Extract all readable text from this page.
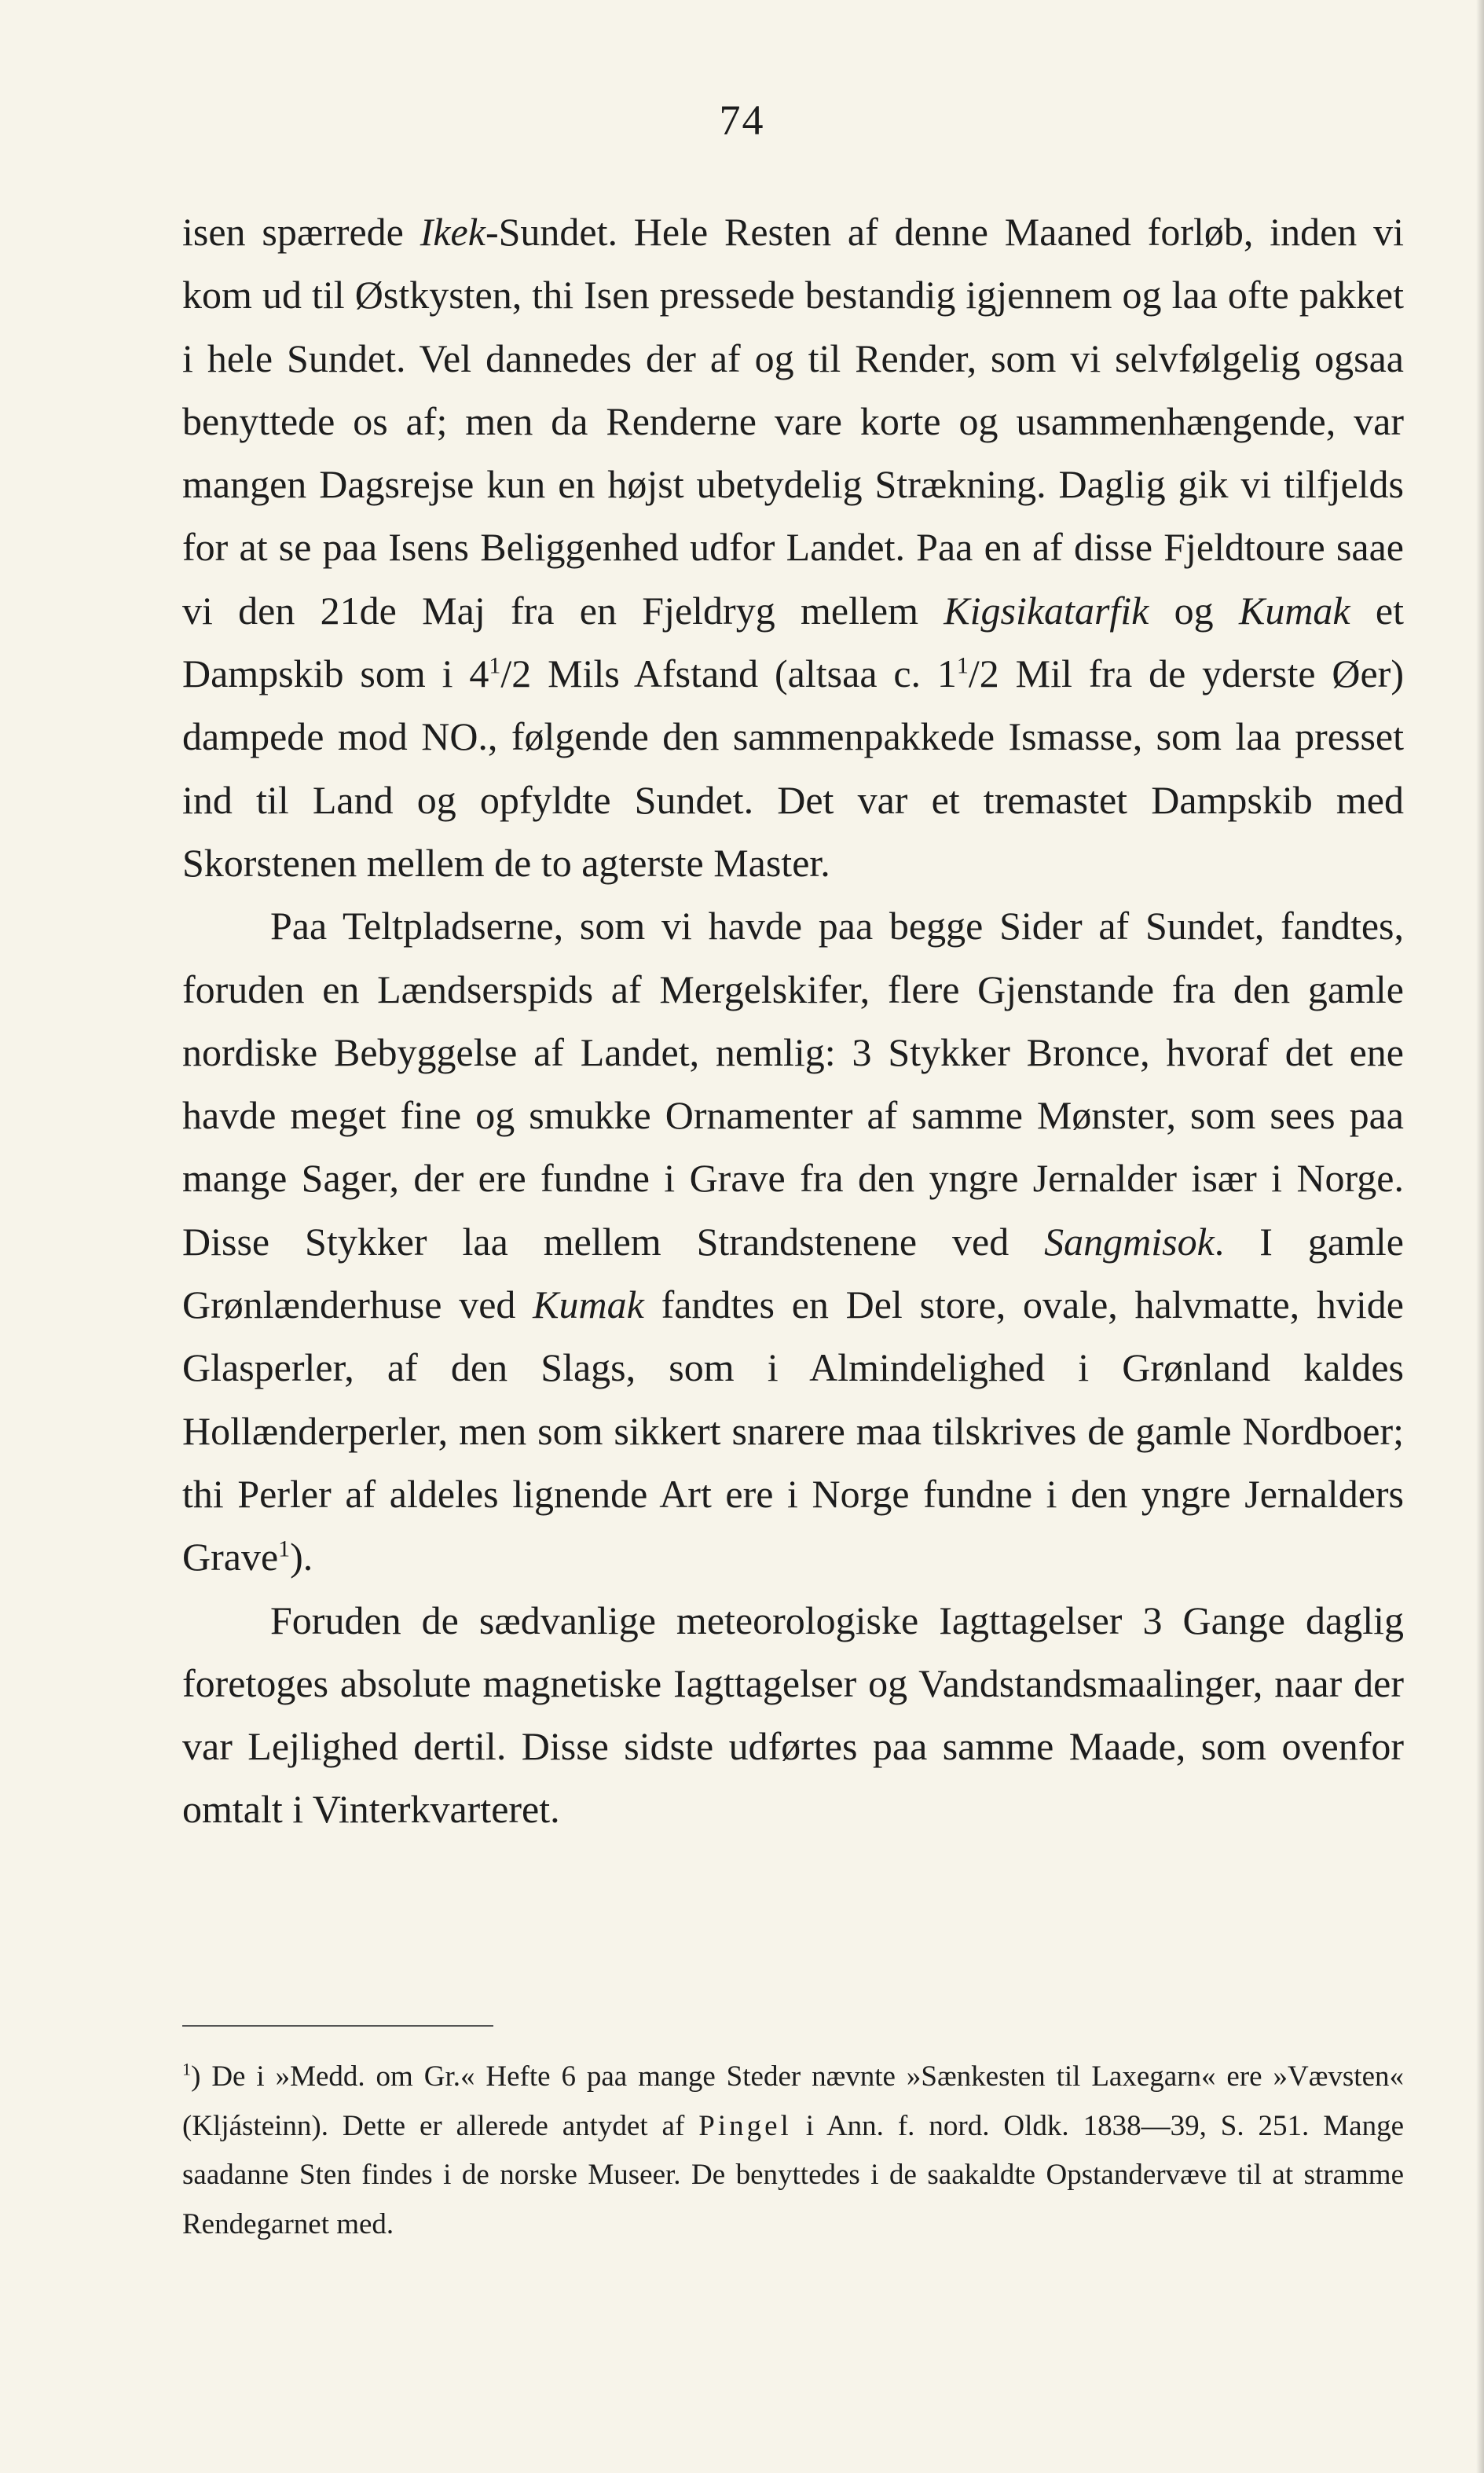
74

isen spærrede Ikek-Sundet. Hele Resten af denne Maaned forløb, inden vi kom ud til Østkysten, thi Isen pressede bestandig igjennem og laa ofte pakket i hele Sundet. Vel dannedes der af og til Render, som vi selvfølgelig ogsaa benyttede os af; men da Renderne vare korte og usammenhængende, var mangen Dagsrejse kun en højst ubetydelig Strækning. Daglig gik vi tilfjelds for at se paa Isens Beliggenhed udfor Landet. Paa en af disse Fjeldtoure saae vi den 21de Maj fra en Fjeldryg mellem Kigsikatarfik og Kumak et Dampskib som i $4^1/2$ Mils Afstand (altsaa c. $1^1/2$ Mil fra de yderste Øer) dampede mod NO., følgende den sammenpakkede Ismasse, som laa presset ind til Land og opfyldte Sundet. Det var et tremastet Dampskib med Skorstenen mellem de to agterste Master.

Paa Teltpladserne, som vi havde paa begge Sider af Sundet, fandtes, foruden en Lændserspids af Mergelskifer, flere Gjenstande fra den gamle nordiske Bebyggelse af Landet, nemlig: 3 Stykker Bronce, hvoraf det ene havde meget fine og smukke Ornamenter af samme Mønster, som sees paa mange Sager, der ere fundne i Grave fra den yngre Jernalder især i Norge. Disse Stykker laa mellem Strandstenene ved Sangmisok. I gamle Grønlænderhuse ved Kumak fandtes en Del store, ovale, halvmatte, hvide Glasperler, af den Slags, som i Almindelighed i Grønland kaldes Hollænderperler, men som sikkert snarere maa tilskrives de gamle Nordboer; thi Perler af aldeles lignende Art ere i Norge fundne i den yngre Jernalders Grave$^1$).

Foruden de sædvanlige meteorologiske Iagttagelser 3 Gange daglig foretoges absolute magnetiske Iagttagelser og Vandstandsmaalinger, naar der var Lejlighed dertil. Disse sidste udførtes paa samme Maade, som ovenfor omtalt i Vinterkvarteret.

$^1$) De i »Medd. om Gr.« Hefte 6 paa mange Steder nævnte »Sænkesten til Laxegarn« ere »Vævsten« (Kljásteinn). Dette er allerede antydet af Pingel i Ann. f. nord. Oldk. 1838—39, S. 251. Mange saadanne Sten findes i de norske Museer. De benyttedes i de saakaldte Opstandervæve til at stramme Rendegarnet med.
